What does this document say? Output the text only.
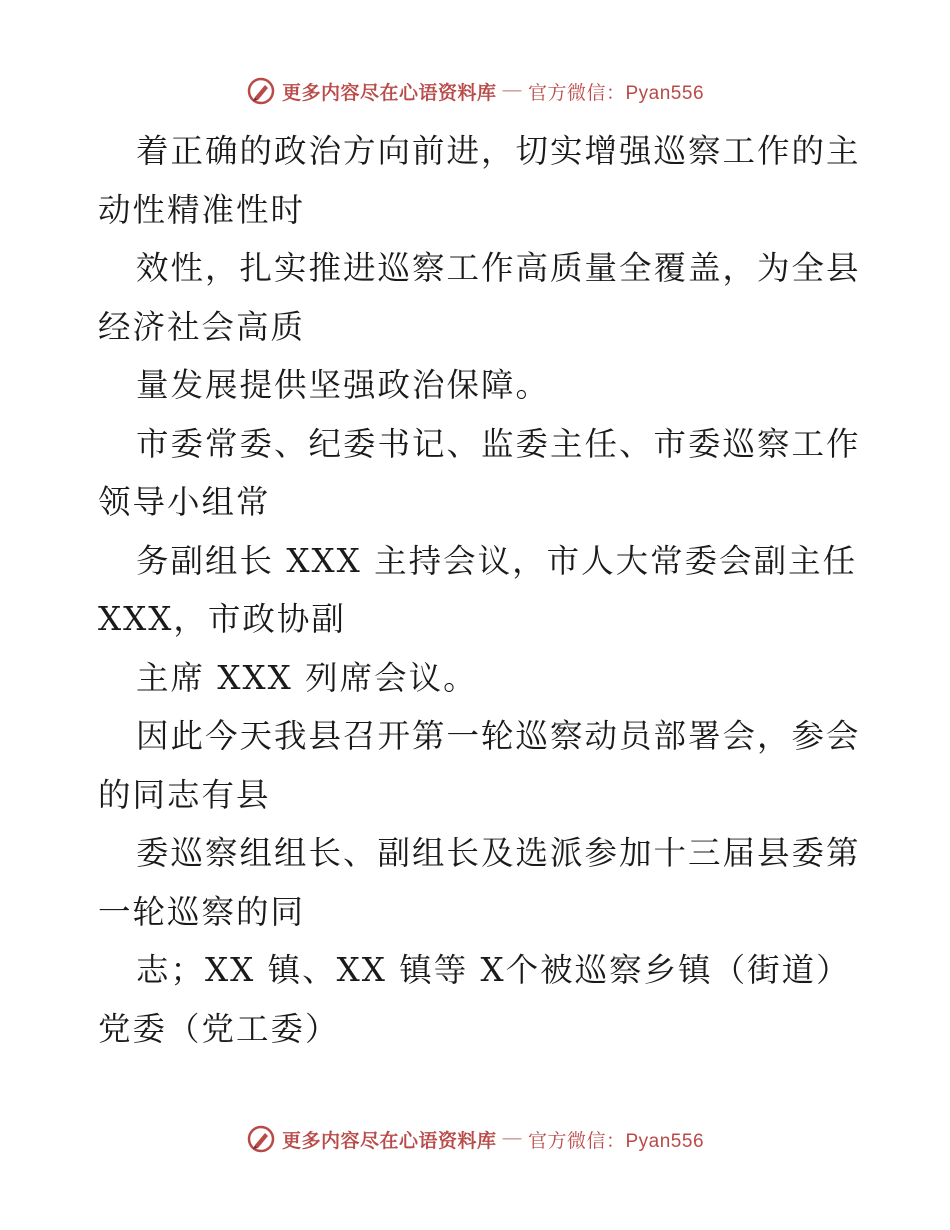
更多内容尽在心语资料库 — 官方微信：Pyan556
着正确的政治方向前进，切实增强巡察工作的主
动性精准性时
效性，扎实推进巡察工作高质量全覆盖，为全县
经济社会高质
量发展提供坚强政治保障。
市委常委、纪委书记、监委主任、市委巡察工作
领导小组常
务副组长 XXX 主持会议，市人大常委会副主任
XXX，市政协副
主席 XXX 列席会议。
因此今天我县召开第一轮巡察动员部署会，参会
的同志有县
委巡察组组长、副组长及选派参加十三届县委第
一轮巡察的同
志；XX 镇、XX 镇等 X个被巡察乡镇（街道）
党委（党工委）
更多内容尽在心语资料库 — 官方微信：Pyan556
